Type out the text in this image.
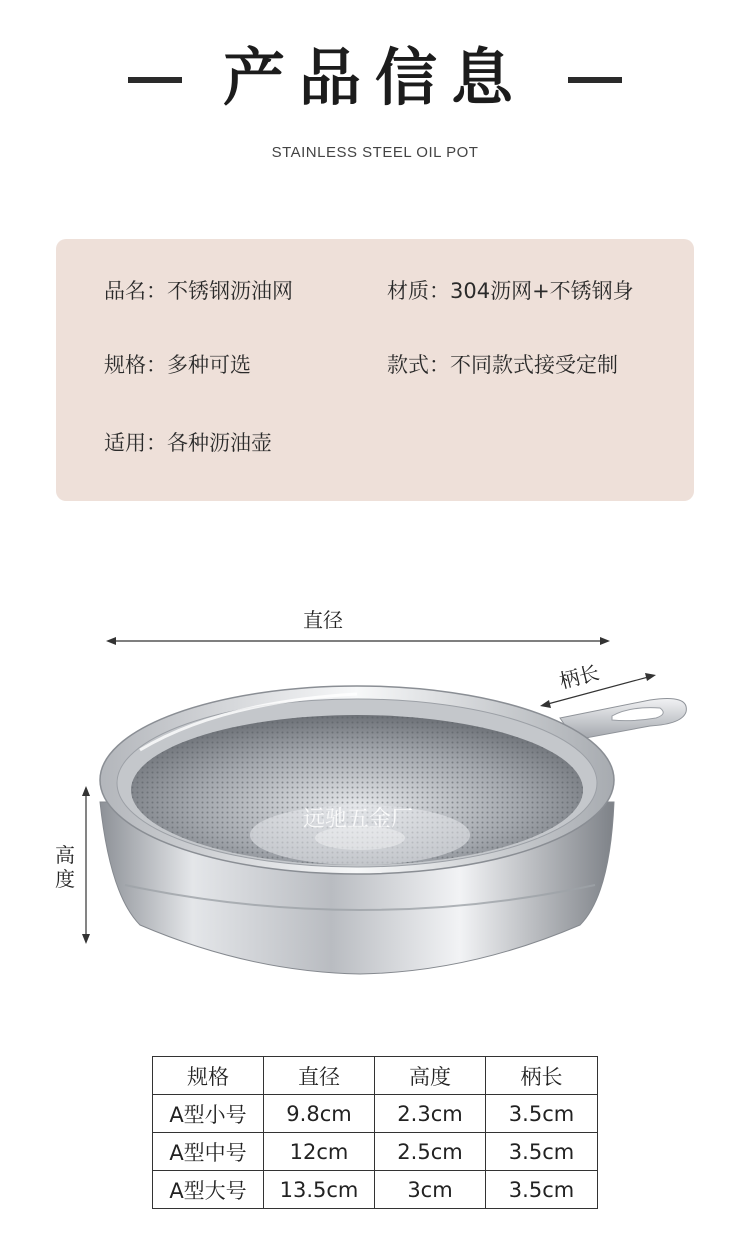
产品信息
STAINLESS STEEL OIL POT
品名：不锈钢沥油网	材质：304沥网+不锈钢身
规格：多种可选	款式：不同款式接受定制
适用：各种沥油壶
远驰五金厂
直径
柄长
高
度
规格	直径	高度	柄长
A型小号	9.8cm	2.3cm	3.5cm
A型中号	12cm	2.5cm	3.5cm
A型大号	13.5cm	3cm	3.5cm
